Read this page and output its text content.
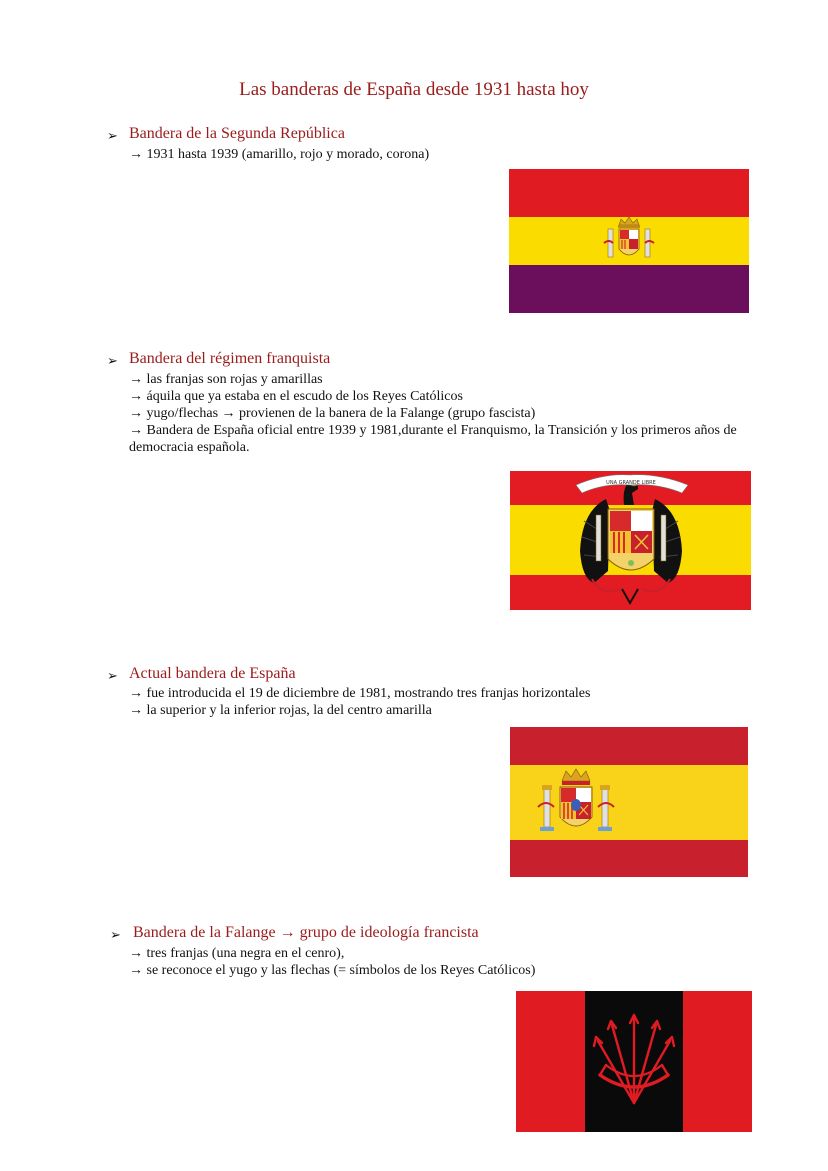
Las banderas de España desde 1931 hasta hoy
➢ Bandera de la Segunda República
→ 1931 hasta 1939 (amarillo, rojo y morado, corona)
➢ Bandera del régimen franquista
→ las franjas son rojas y amarillas
→ áquila que ya estaba en el escudo de los Reyes Católicos
→ yugo/flechas → provienen de la banera de la Falange (grupo fascista)
→ Bandera de España oficial entre 1939 y 1981,durante el Franquismo, la Transición y los primeros años de democracia española.
UNA GRANDE LIBRE
➢ Actual bandera de España
→ fue introducida el 19 de diciembre de 1981, mostrando tres franjas horizontales
→ la superior y la inferior rojas, la del centro amarilla
➢ Bandera de la Falange → grupo de ideología francista
→ tres franjas (una negra en el cenro),
→ se reconoce el yugo y las flechas (= símbolos de los Reyes Católicos)
